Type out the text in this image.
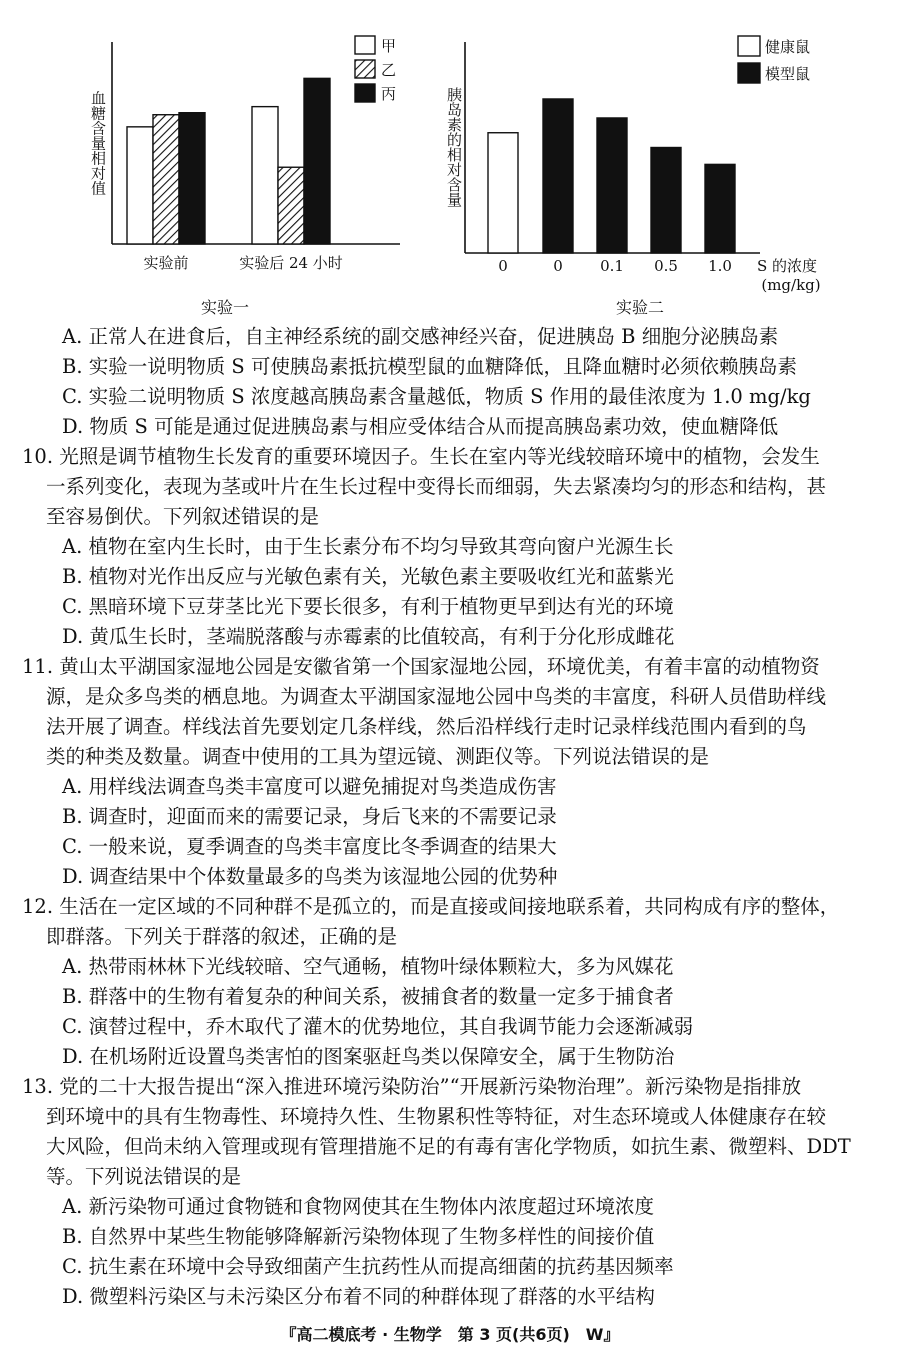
实验前	实验后 24 小时
血糖含量相对值
甲
乙
丙
实验一
0	0 0.1 0.5 1.0 S 的浓度
(mg/kg)
胰岛素的相对含量
健康鼠
模型鼠
实验二
A. 正常人在进食后，自主神经系统的副交感神经兴奋，促进胰岛 B 细胞分泌胰岛素
B. 实验一说明物质 S 可使胰岛素抵抗模型鼠的血糖降低，且降血糖时必须依赖胰岛素
C. 实验二说明物质 S 浓度越高胰岛素含量越低，物质 S 作用的最佳浓度为 1.0 mg/kg
D. 物质 S 可能是通过促进胰岛素与相应受体结合从而提高胰岛素功效，使血糖降低
10. 光照是调节植物生长发育的重要环境因子。生长在室内等光线较暗环境中的植物，会发生
一系列变化，表现为茎或叶片在生长过程中变得长而细弱，失去紧凑均匀的形态和结构，甚
至容易倒伏。下列叙述错误的是
A. 植物在室内生长时，由于生长素分布不均匀导致其弯向窗户光源生长
B. 植物对光作出反应与光敏色素有关，光敏色素主要吸收红光和蓝紫光
C. 黑暗环境下豆芽茎比光下要长很多，有利于植物更早到达有光的环境
D. 黄瓜生长时，茎端脱落酸与赤霉素的比值较高，有利于分化形成雌花
11. 黄山太平湖国家湿地公园是安徽省第一个国家湿地公园，环境优美，有着丰富的动植物资
源，是众多鸟类的栖息地。为调查太平湖国家湿地公园中鸟类的丰富度，科研人员借助样线
法开展了调查。样线法首先要划定几条样线，然后沿样线行走时记录样线范围内看到的鸟
类的种类及数量。调查中使用的工具为望远镜、测距仪等。下列说法错误的是
A. 用样线法调查鸟类丰富度可以避免捕捉对鸟类造成伤害
B. 调查时，迎面而来的需要记录，身后飞来的不需要记录
C. 一般来说，夏季调查的鸟类丰富度比冬季调查的结果大
D. 调查结果中个体数量最多的鸟类为该湿地公园的优势种
12. 生活在一定区域的不同种群不是孤立的，而是直接或间接地联系着，共同构成有序的整体，
即群落。下列关于群落的叙述，正确的是
A. 热带雨林林下光线较暗、空气通畅，植物叶绿体颗粒大，多为风媒花
B. 群落中的生物有着复杂的种间关系，被捕食者的数量一定多于捕食者
C. 演替过程中，乔木取代了灌木的优势地位，其自我调节能力会逐渐减弱
D. 在机场附近设置鸟类害怕的图案驱赶鸟类以保障安全，属于生物防治
13. 党的二十大报告提出“深入推进环境污染防治”“开展新污染物治理”。新污染物是指排放
到环境中的具有生物毒性、环境持久性、生物累积性等特征，对生态环境或人体健康存在较
大风险，但尚未纳入管理或现有管理措施不足的有毒有害化学物质，如抗生素、微塑料、DDT
等。下列说法错误的是
A. 新污染物可通过食物链和食物网使其在生物体内浓度超过环境浓度
B. 自然界中某些生物能够降解新污染物体现了生物多样性的间接价值
C. 抗生素在环境中会导致细菌产生抗药性从而提高细菌的抗药基因频率
D. 微塑料污染区与未污染区分布着不同的种群体现了群落的水平结构
『高二模底考 · 生物学　第 3 页(共6页)　W』
